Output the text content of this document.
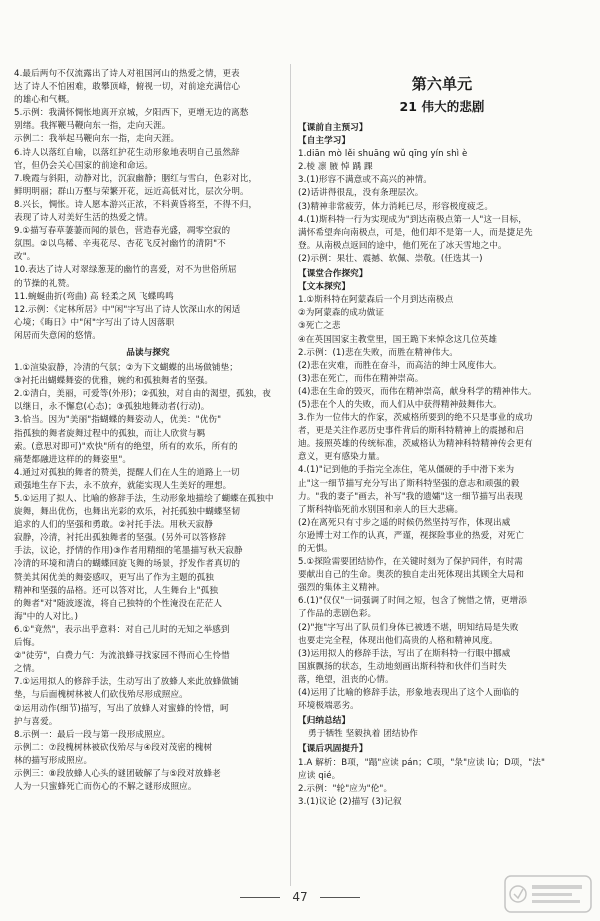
4.最后两句不仅流露出了诗人对祖国河山的热爱之情，更表
达了诗人不怕困难，敢攀顶峰，俯视一切，对前途充满信心
的雄心和气概。
5.示例：我满怀惆怅地离开京城，夕阳西下，更增无边的离愁
别绪。我挥鞭马鞭向东一指，走向天涯。
示例二：我举起马鞭向东一指，走向天涯。
6.诗人以落红自喻，以落红护花生动形象地表明自己虽然辞
官，但仍会关心国家的前途和命运。
7.晚霞与斜阳，动静对比，沉寂幽静；胭红与雪白，色彩对比，
鲜明明丽；群山万壑与荣繁开花，远近高低对比，层次分明。
8.兴长，惆怅。诗人愿本游兴正浓，不料黄昏将至，不得不归，
表现了诗人对美好生活的热爱之情。
9.①描写春草萋萋而闻的景色，营造春光盛，凋零空寂的
氛围。②以鸟稀、辛夷花尽、杏花飞反衬幽竹的清阴"不
改"。
10.表达了诗人对翠绿葱茏的幽竹的喜爱，对不为世俗所屈
的节操的礼赞。
11.蜿蜒曲折(弯曲) 高 轻柔之风 飞蝶鸣鸣
12.示例：《定林所居》中"闲"字写出了诗人饮深山水的闲适
心境；《晦日》中"闲"字写出了诗人因落职
闲居而失意闲的悠情。
品读与探究
1.①渲染寂静，冷清的气氛；②为下文蝴蝶的出场做铺垫；
③衬托出蝴蝶舞姿的优雅，婉约和孤独舞者的坚强。
2.①清白，美丽，可爱等(外形)；②孤独，对自由的渴望，孤独，夜
以继日，永不懈怠(心态)；③孤独地舞动者(行动)。
3.恰当。因为"美丽"指蝴蝶的舞姿动人，优美："优伤"
指孤独的舞者旋舞过程中的孤独，而让人欣赏与羁
索。(意思对即可)"欢快"所有的绝望，所有的欢乐，所有的
痛楚都融进这样的的舞姿里"。
4.通过对孤独的舞者的赞美，提醒人们在人生的道路上一切
顽强地生存下去，永不放弃，就能实现人生美好的理想。
5.①运用了拟人、比喻的修辞手法，生动形象地描绘了蝴蝶在孤独中
旋舞，舞出优伤，也舞出光彩的欢乐，衬托孤独中蝴蝶坚韧
追求的人们的坚强和勇敢。②衬托手法。用秋天寂静
寂静，冷清，衬托出孤独舞者的坚强。(另外可以答修辞
手法，议论，抒情的作用)③作者用精细的笔墨描写秋天寂静
冷清的环境和清白的蝴蝶回旋飞舞的场景，抒发作者真切的
赞美其闲优美的舞姿感叹，更写出了作为主题的孤独
精神和坚强的品格。还可以答对比，人生舞台上"孤独
的舞者"对"随波逐流，将自己独特的个性淹没在茫茫人
海"中的人对比。)
6.①"竟然"，表示出乎意料：对自己儿时的无知之举感到
后悔。
②"徒劳"，白费力气：为流浪蜂寻找家园不得而心生怜惜
之情。
7.①运用拟人的修辞手法，生动写出了放蜂人来此放蜂做铺
垫，与后面槐树林被人们砍伐殆尽形成照应。
②运用动作(细节)描写，写出了放蜂人对蜜蜂的怜惜，呵
护与喜爱。
8.示例一：最后一段与第一段形成照应。
示例二：⑦段槐树林被砍伐殆尽与④段对茂密的槐树
林的描写形成照应。
示例三：⑧段放蜂人心头的谜团破解了与⑤段对放蜂老
人为一只蜜蜂死亡而伤心的不解之谜形成照应。
第六单元
21 伟大的悲剧
【课前自主预习】
【自主学习】
1.diān mò lěi shuāng wǔ qīng yín shì è
2.棱 凛 腋 悼 踽 踝
3.(1)形容不满意或不高兴的神情。
(2)话讲得很乱，没有条理层次。
(3)精神非常疲劳，体力消耗已尽，形容极度疲乏。
4.(1)斯科特一行为实现成为"到达南极点第一人"这一目标，
满怀希望奔向南极点，可是，他们却不是第一人，而是捷足先
登。从南极点返回的途中，他们死在了冰天雪地之中。
(2)示例：果壮、震撼、软佩、崇敬。(任选其一)
【课堂合作探究】
【文本探究】
1.①斯科特在阿蒙森后一个月到达南极点
②为阿蒙森的成功做证
③死亡之悲
④在英国国家主教堂里，国王跪下来悼念这几位英雄
2.示例：(1)悲在失败，而胜在精神伟大。
(2)悲在灾难，而胜在奋斗，而高洁的绅士风度伟大。
(3)悲在死亡，而伟在精神崇高。
(4)悲在生命的毁灭，而伟在精神崇高，献身科学的精神伟大。
(5)悲在个人的失败，而人们从中获得精神鼓舞伟大。
3.作为一位伟大的作家，茨威格所要到的绝不只是事业的成功
者，更是关注作恶历史事件背后的斯科特精神上的震撼和启
迪。接照英雄的传统标准，茨威格认为精神科特精神传会更有
意义，更有感染力量。
4.(1)"记到他的手指完全冻住，笔从僵硬的手中滑下来为
止"这一细节描写充分写出了斯科特坚强的意志和顽强的毅
力。"我的妻子"画去，补写"我的遗孀"这一细节描写出表现
了斯科特临死前水别国和亲人的巨大悲痛。
(2)在离死只有寸步之遥的时候仍然坚持写作，体现出威
尔逊博士对工作的认真，严谨，视探险事业的热爱，对死亡
的无惧。
5.①探险需要团结协作，在关键时刻为了保护同伴，有时需
要献出自己的生命。奥茨的独自走出死体现出其顾全大局和
强烈的集体主义精神。
6.(1)"仅仅"一词强调了时间之短，包含了惋惜之情，更增添
了作品的悲剧色彩。
(2)"拖"字写出了队员们身体已被透不堪，明知结局是失败
也要走完全程，体现出他们高贵的人格和精神风度。
(3)运用拟人的修辞手法，写出了在斯科特一行眼中挪威
国旗飘扬的状态，生动地刻画出斯科特和伙伴们当时失
落，绝望，沮丧的心情。
(4)运用了比喻的修辞手法，形象地表现出了这个人面临的
环境极端恶劣。
【归纳总结】
勇于牺牲 坚毅执着 团结协作
【课后巩固提升】
1.A 解析：B项，"蹋"应读 pán；C项，"彔"应读 lù；D项，"法"
应读 qié。
2.示例："轮"应为"伦"。
3.(1)议论 (2)描写 (3)记叙
47
